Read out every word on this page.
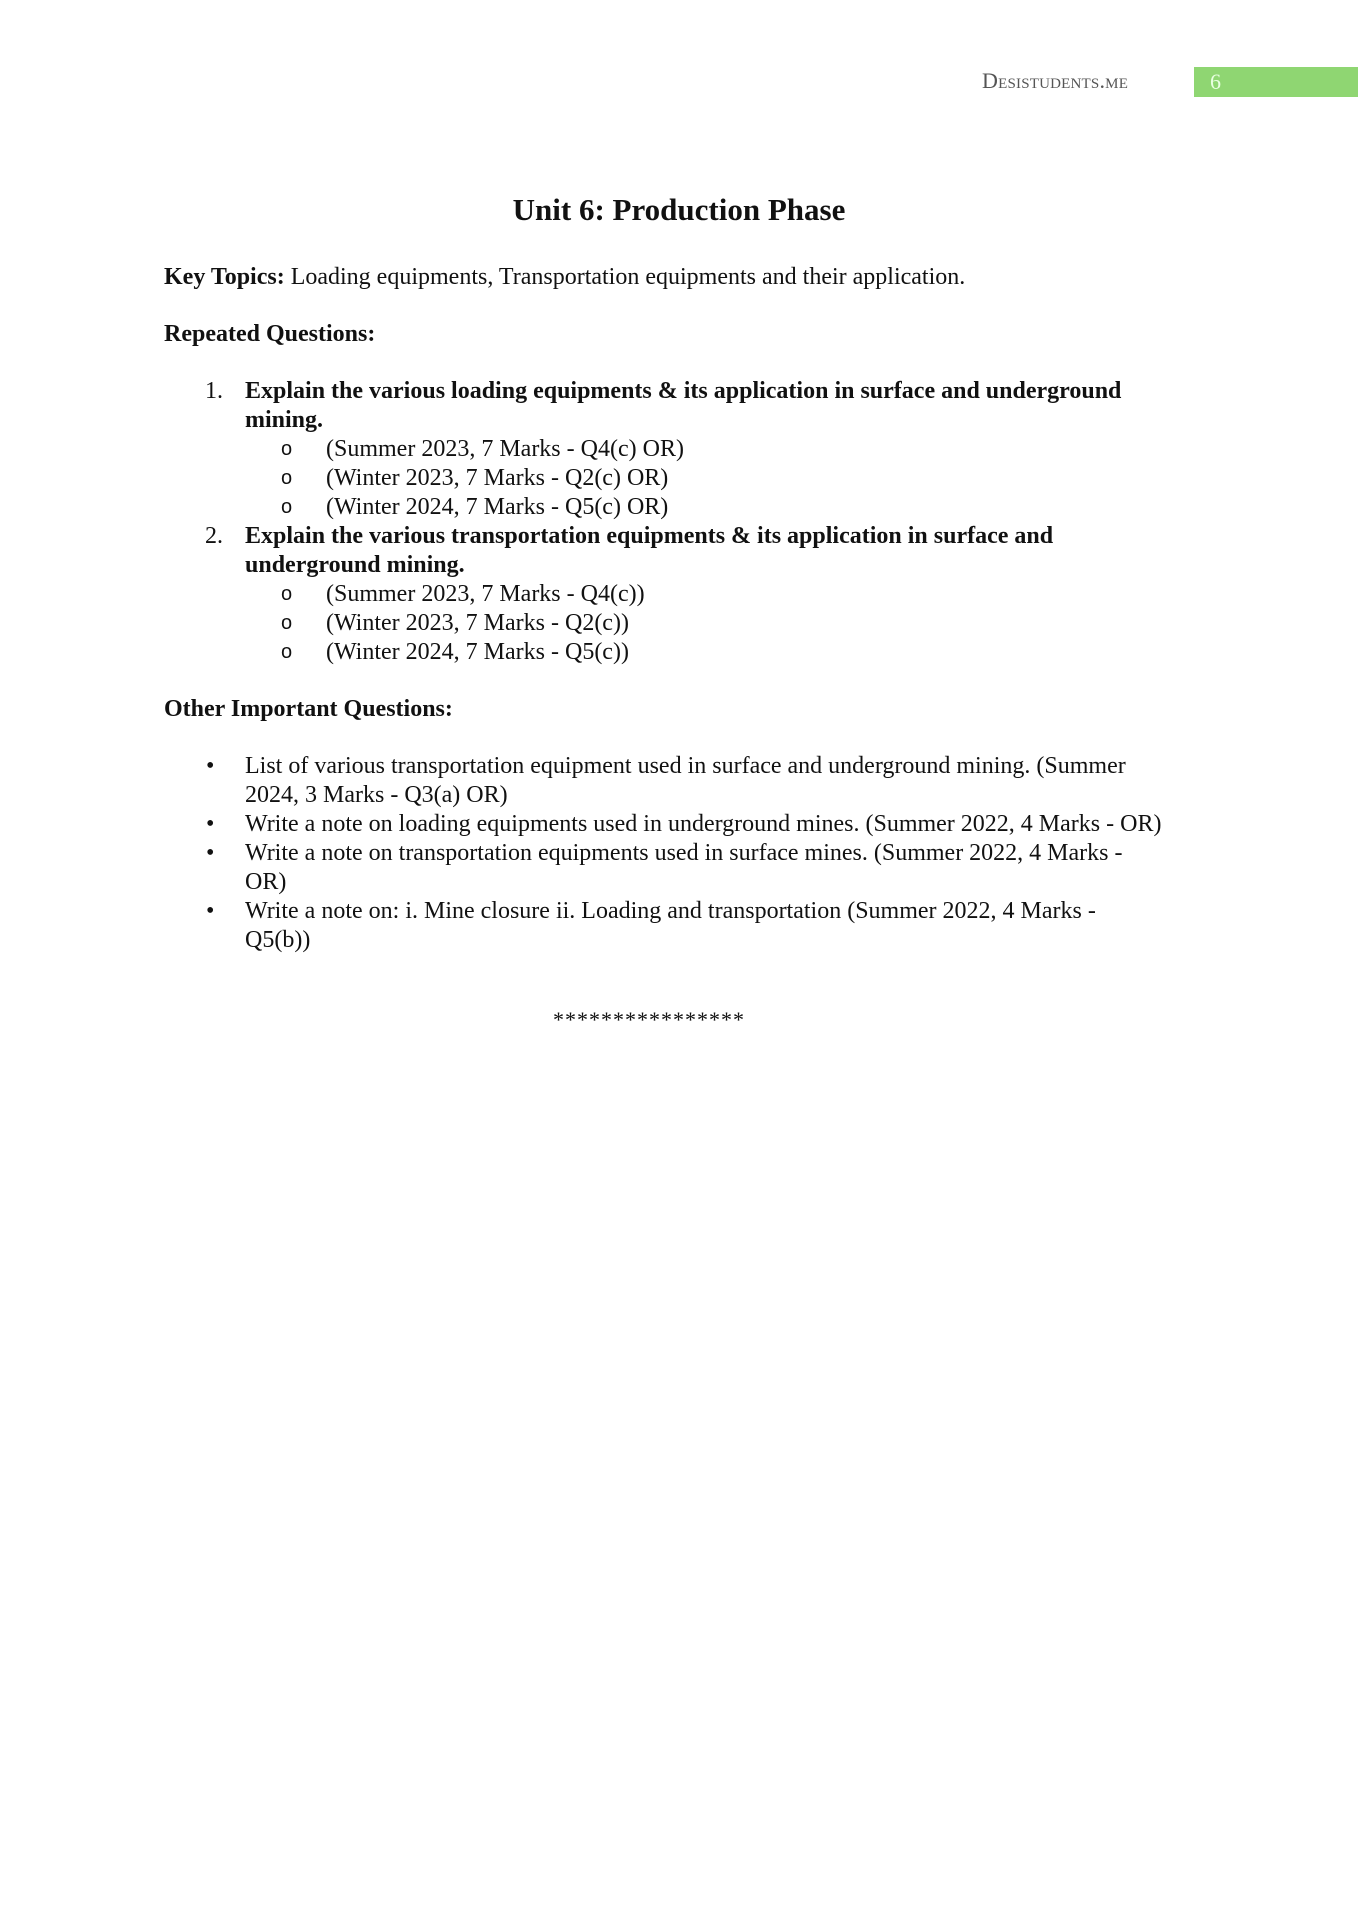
Desistudents.me	6
Unit 6: Production Phase

Key Topics: Loading equipments, Transportation equipments and their application.

Repeated Questions:
1. Explain the various loading equipments & its application in surface and underground mining.
o (Summer 2023, 7 Marks - Q4(c) OR)
o (Winter 2023, 7 Marks - Q2(c) OR)
o (Winter 2024, 7 Marks - Q5(c) OR)
2. Explain the various transportation equipments & its application in surface and underground mining.
o (Summer 2023, 7 Marks - Q4(c))
o (Winter 2023, 7 Marks - Q2(c))
o (Winter 2024, 7 Marks - Q5(c))
Other Important Questions:
• List of various transportation equipment used in surface and underground mining. (Summer 2024, 3 Marks - Q3(a) OR)
• Write a note on loading equipments used in underground mines. (Summer 2022, 4 Marks - OR)
• Write a note on transportation equipments used in surface mines. (Summer 2022, 4 Marks - OR)
• Write a note on: i. Mine closure ii. Loading and transportation (Summer 2022, 4 Marks - Q5(b))
****************
